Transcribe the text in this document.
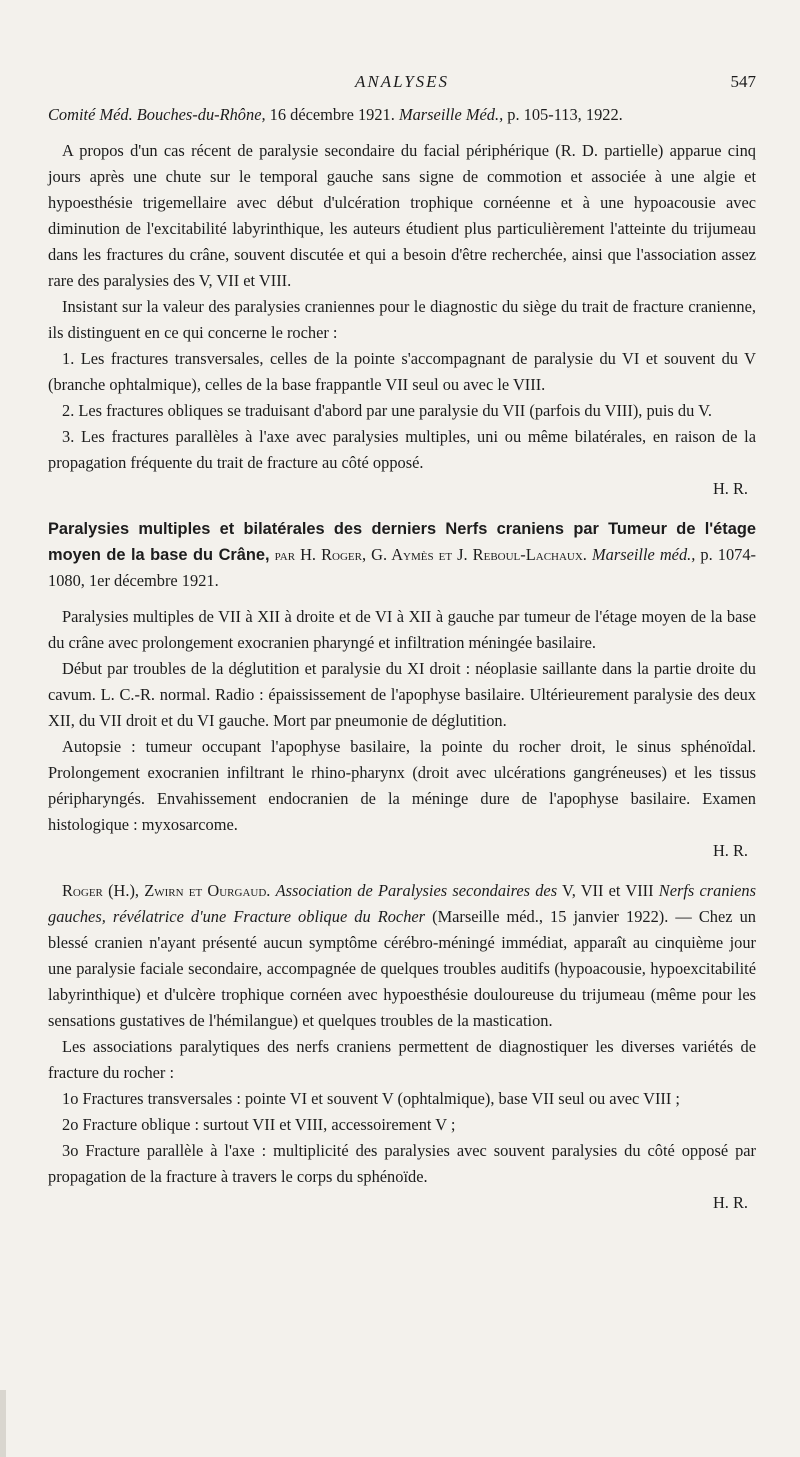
ANALYSES	547

Comité Méd. Bouches-du-Rhône, 16 décembre 1921. Marseille Méd., p. 105-113, 1922.

A propos d'un cas récent de paralysie secondaire du facial périphérique (R. D. partielle) apparue cinq jours après une chute sur le temporal gauche sans signe de commotion et associée à une algie et hypoesthésie trigemellaire avec début d'ulcération trophique cornéenne et à une hypoacousie avec diminution de l'excitabilité labyrinthique, les auteurs étudient plus particulièrement l'atteinte du trijumeau dans les fractures du crâne, souvent discutée et qui a besoin d'être recherchée, ainsi que l'association assez rare des paralysies des V, VII et VIII.

Insistant sur la valeur des paralysies craniennes pour le diagnostic du siège du trait de fracture cranienne, ils distinguent en ce qui concerne le rocher :

1. Les fractures transversales, celles de la pointe s'accompagnant de paralysie du VI et souvent du V (branche ophtalmique), celles de la base frappantle VII seul ou avec le VIII.

2. Les fractures obliques se traduisant d'abord par une paralysie du VII (parfois du VIII), puis du V.

3. Les fractures parallèles à l'axe avec paralysies multiples, uni ou même bilatérales, en raison de la propagation fréquente du trait de fracture au côté opposé.

H. R.

Paralysies multiples et bilatérales des derniers Nerfs craniens par Tumeur de l'étage moyen de la base du Crâne, par H. Roger, G. Aymès et J. Reboul-Lachaux. Marseille méd., p. 1074-1080, 1er décembre 1921.

Paralysies multiples de VII à XII à droite et de VI à XII à gauche par tumeur de l'étage moyen de la base du crâne avec prolongement exocranien pharyngé et infiltration méningée basilaire.

Début par troubles de la déglutition et paralysie du XI droit : néoplasie saillante dans la partie droite du cavum. L. C.-R. normal. Radio : épaississement de l'apophyse basilaire. Ultérieurement paralysie des deux XII, du VII droit et du VI gauche. Mort par pneumonie de déglutition.

Autopsie : tumeur occupant l'apophyse basilaire, la pointe du rocher droit, le sinus sphénoïdal. Prolongement exocranien infiltrant le rhino-pharynx (droit avec ulcérations gangréneuses) et les tissus péripharyngés. Envahissement endocranien de la méninge dure de l'apophyse basilaire. Examen histologique : myxosarcome.

H. R.

Roger (H.), Zwirn et Ourgaud. Association de Paralysies secondaires des V, VII et VIII Nerfs craniens gauches, révélatrice d'une Fracture oblique du Rocher (Marseille méd., 15 janvier 1922). — Chez un blessé cranien n'ayant présenté aucun symptôme cérébro-méningé immédiat, apparaît au cinquième jour une paralysie faciale secondaire, accompagnée de quelques troubles auditifs (hypoacousie, hypoexcitabilité labyrinthique) et d'ulcère trophique cornéen avec hypoesthésie douloureuse du trijumeau (même pour les sensations gustatives de l'hémilangue) et quelques troubles de la mastication.

Les associations paralytiques des nerfs craniens permettent de diagnostiquer les diverses variétés de fracture du rocher :

1o Fractures transversales : pointe VI et souvent V (ophtalmique), base VII seul ou avec VIII ;

2o Fracture oblique : surtout VII et VIII, accessoirement V ;

3o Fracture parallèle à l'axe : multiplicité des paralysies avec souvent paralysies du côté opposé par propagation de la fracture à travers le corps du sphénoïde.

H. R.
